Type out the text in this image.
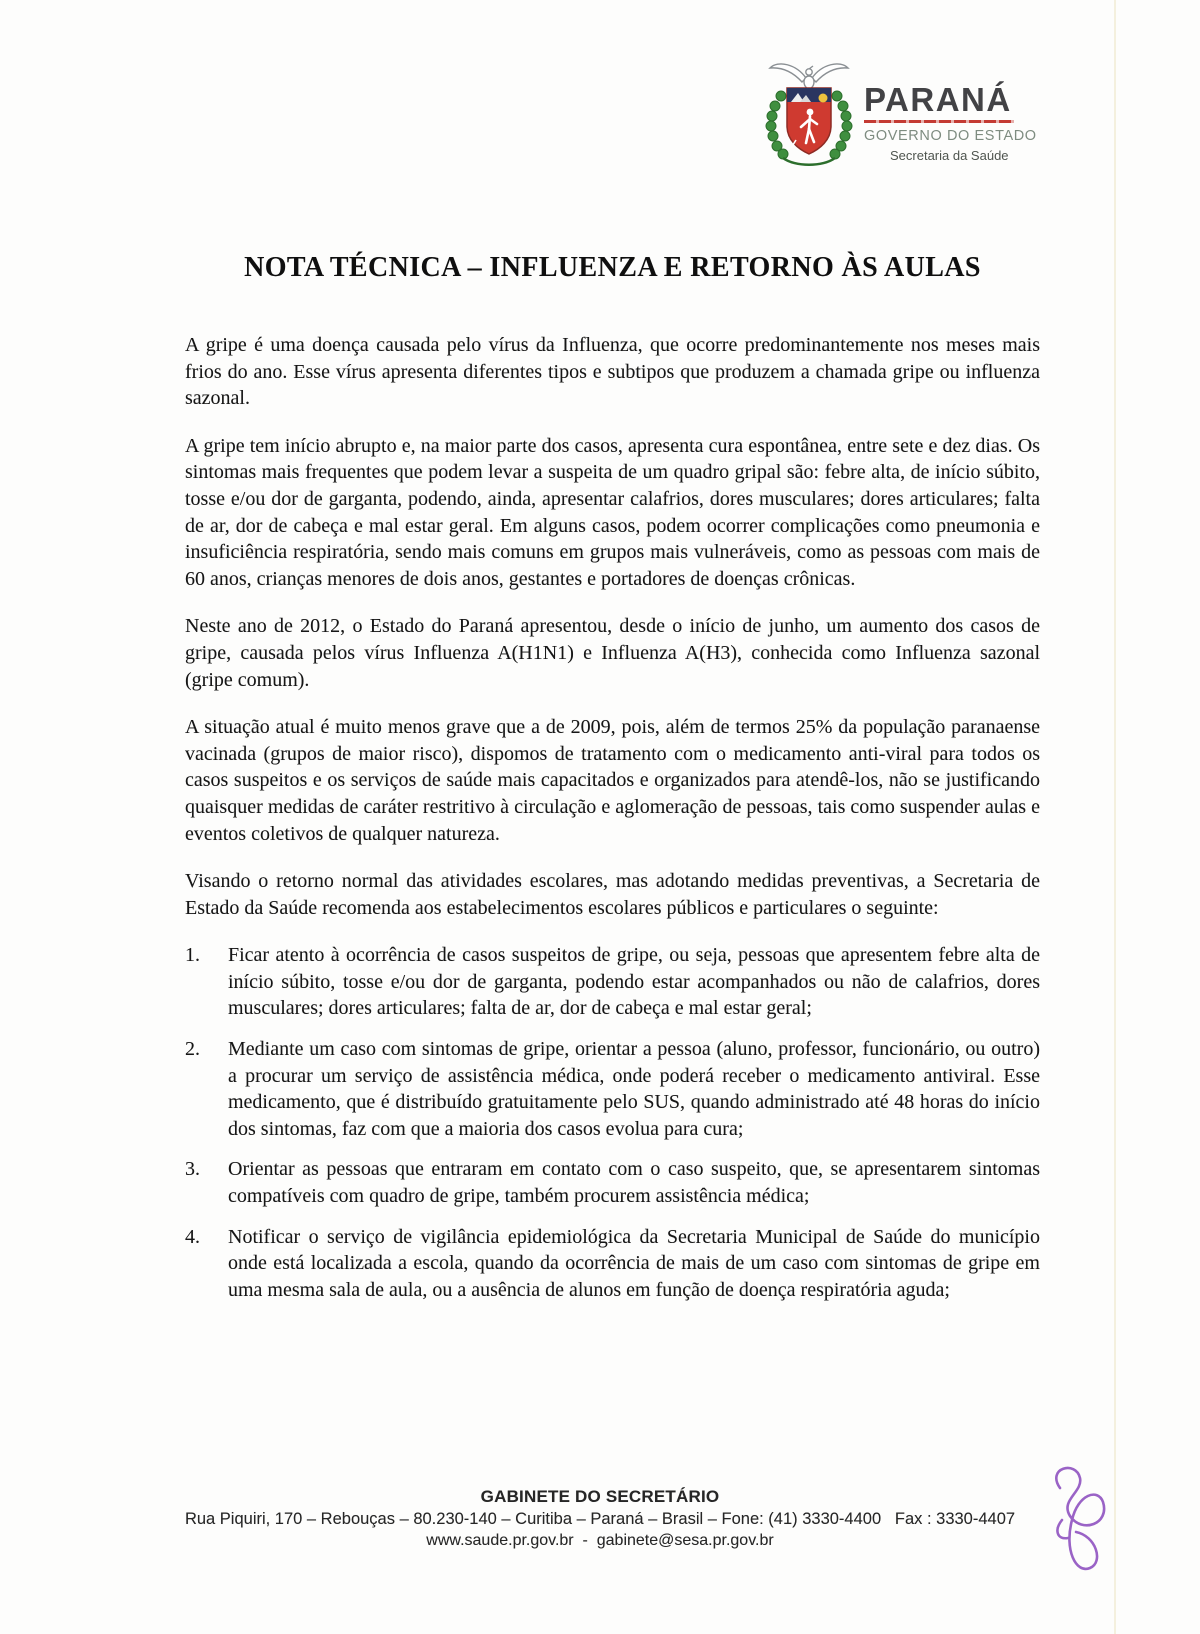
PARANÁ
GOVERNO DO ESTADO
Secretaria da Saúde
NOTA TÉCNICA – INFLUENZA E RETORNO ÀS AULAS

A gripe é uma doença causada pelo vírus da Influenza, que ocorre predominantemente nos meses mais frios do ano. Esse vírus apresenta diferentes tipos e subtipos que produzem a chamada gripe ou influenza sazonal.

A gripe tem início abrupto e, na maior parte dos casos, apresenta cura espontânea, entre sete e dez dias. Os sintomas mais frequentes que podem levar a suspeita de um quadro gripal são: febre alta, de início súbito, tosse e/ou dor de garganta, podendo, ainda, apresentar calafrios, dores musculares; dores articulares; falta de ar, dor de cabeça e mal estar geral. Em alguns casos, podem ocorrer complicações como pneumonia e insuficiência respiratória, sendo mais comuns em grupos mais vulneráveis, como as pessoas com mais de 60 anos, crianças menores de dois anos, gestantes e portadores de doenças crônicas.

Neste ano de 2012, o Estado do Paraná apresentou, desde o início de junho, um aumento dos casos de gripe, causada pelos vírus Influenza A(H1N1) e Influenza A(H3), conhecida como Influenza sazonal (gripe comum).

A situação atual é muito menos grave que a de 2009, pois, além de termos 25% da população paranaense vacinada (grupos de maior risco), dispomos de tratamento com o medicamento anti-viral para todos os casos suspeitos e os serviços de saúde mais capacitados e organizados para atendê-los, não se justificando quaisquer medidas de caráter restritivo à circulação e aglomeração de pessoas, tais como suspender aulas e eventos coletivos de qualquer natureza.

Visando o retorno normal das atividades escolares, mas adotando medidas preventivas, a Secretaria de Estado da Saúde recomenda aos estabelecimentos escolares públicos e particulares o seguinte:

1.	Ficar atento à ocorrência de casos suspeitos de gripe, ou seja, pessoas que apresentem febre alta de início súbito, tosse e/ou dor de garganta, podendo estar acompanhados ou não de calafrios, dores musculares; dores articulares; falta de ar, dor de cabeça e mal estar geral;
2.	Mediante um caso com sintomas de gripe, orientar a pessoa (aluno, professor, funcionário, ou outro) a procurar um serviço de assistência médica, onde poderá receber o medicamento antiviral. Esse medicamento, que é distribuído gratuitamente pelo SUS, quando administrado até 48 horas do início dos sintomas, faz com que a maioria dos casos evolua para cura;
3.	Orientar as pessoas que entraram em contato com o caso suspeito, que, se apresentarem sintomas compatíveis com quadro de gripe, também procurem assistência médica;
4.	Notificar o serviço de vigilância epidemiológica da Secretaria Municipal de Saúde do município onde está localizada a escola, quando da ocorrência de mais de um caso com sintomas de gripe em uma mesma sala de aula, ou a ausência de alunos em função de doença respiratória aguda;
GABINETE DO SECRETÁRIO
Rua Piquiri, 170 – Rebouças – 80.230-140 – Curitiba – Paraná – Brasil – Fone: (41) 3330-4400   Fax : 3330-4407
www.saude.pr.gov.br  -  gabinete@sesa.pr.gov.br
